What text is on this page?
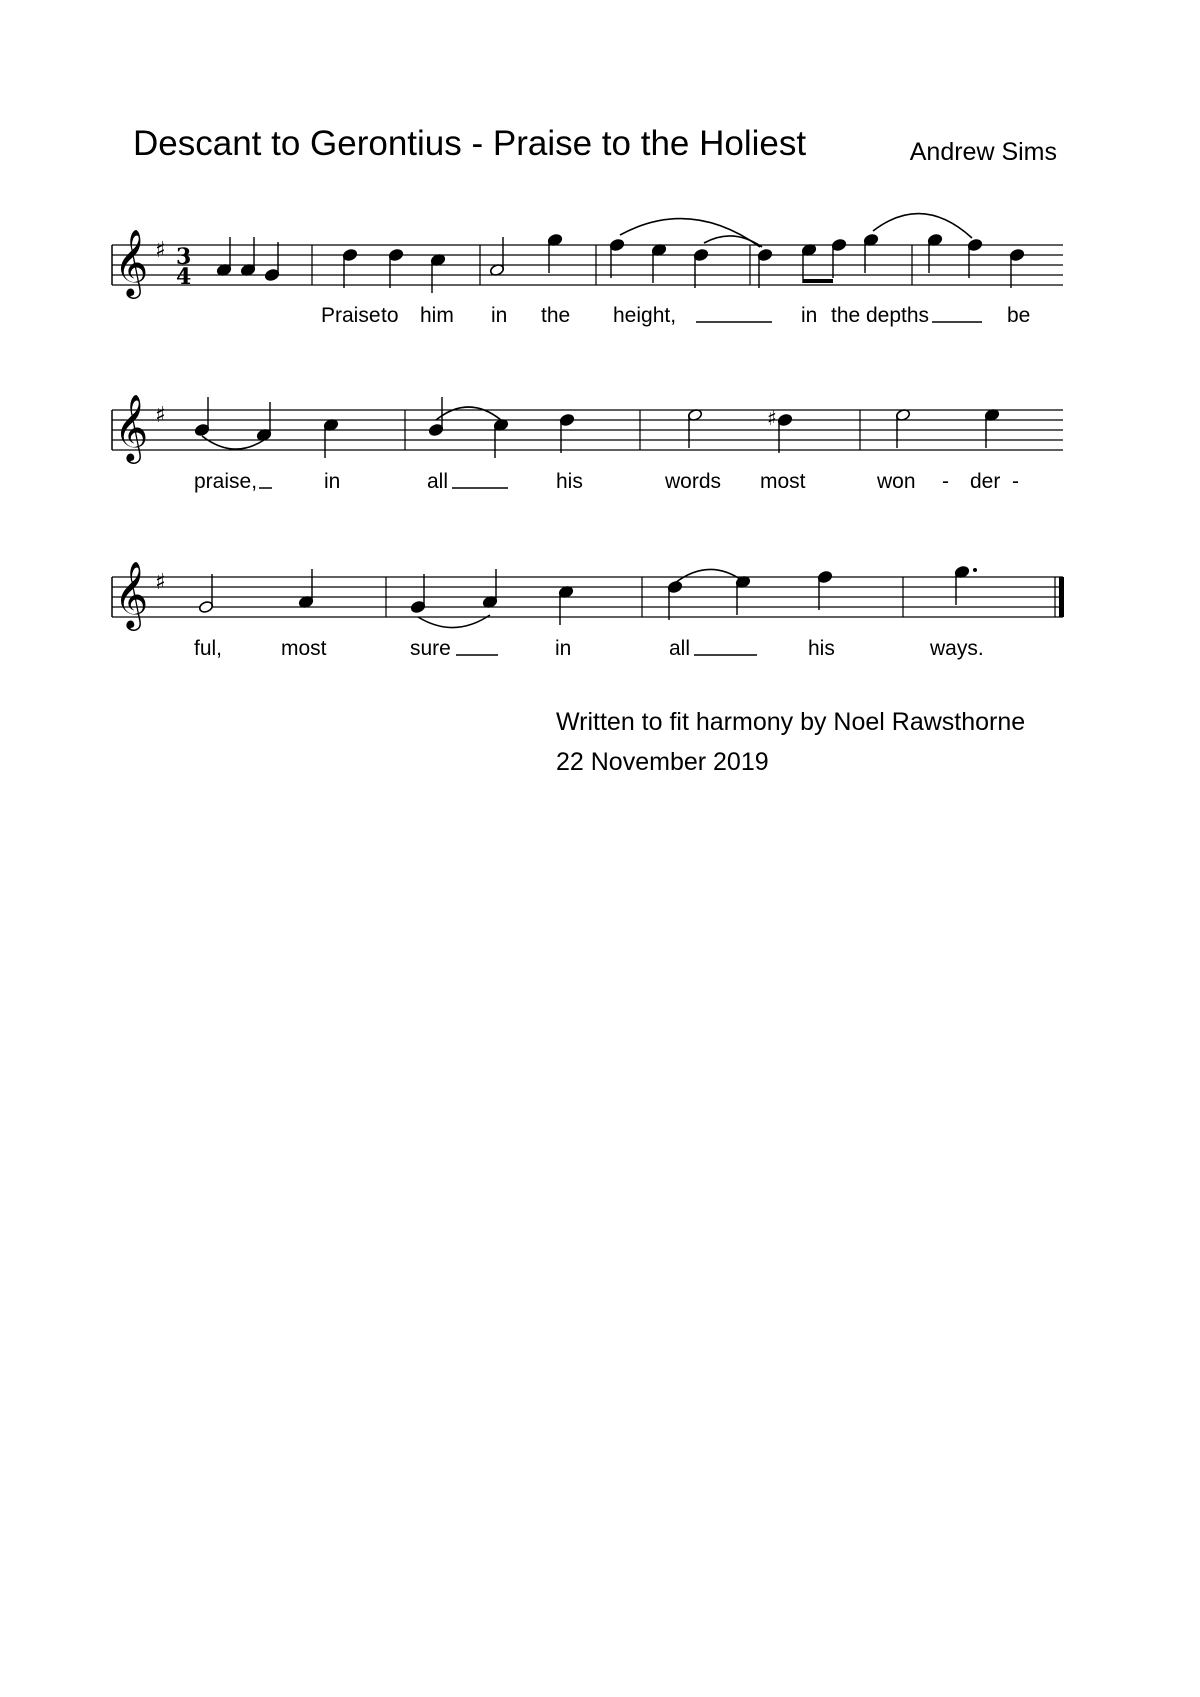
Descant to Gerontius - Praise to the Holiest	Andrew Sims
𝄞 ♯ 3
4
𝄞 ♯	♯
𝄞 ♯
Praise to him in the height,	in the depths	be
praise,	in	all	his	words most	won - der -
ful,	most	sure	in	all	his	ways.
Written to fit harmony by Noel Rawsthorne
22 November 2019
